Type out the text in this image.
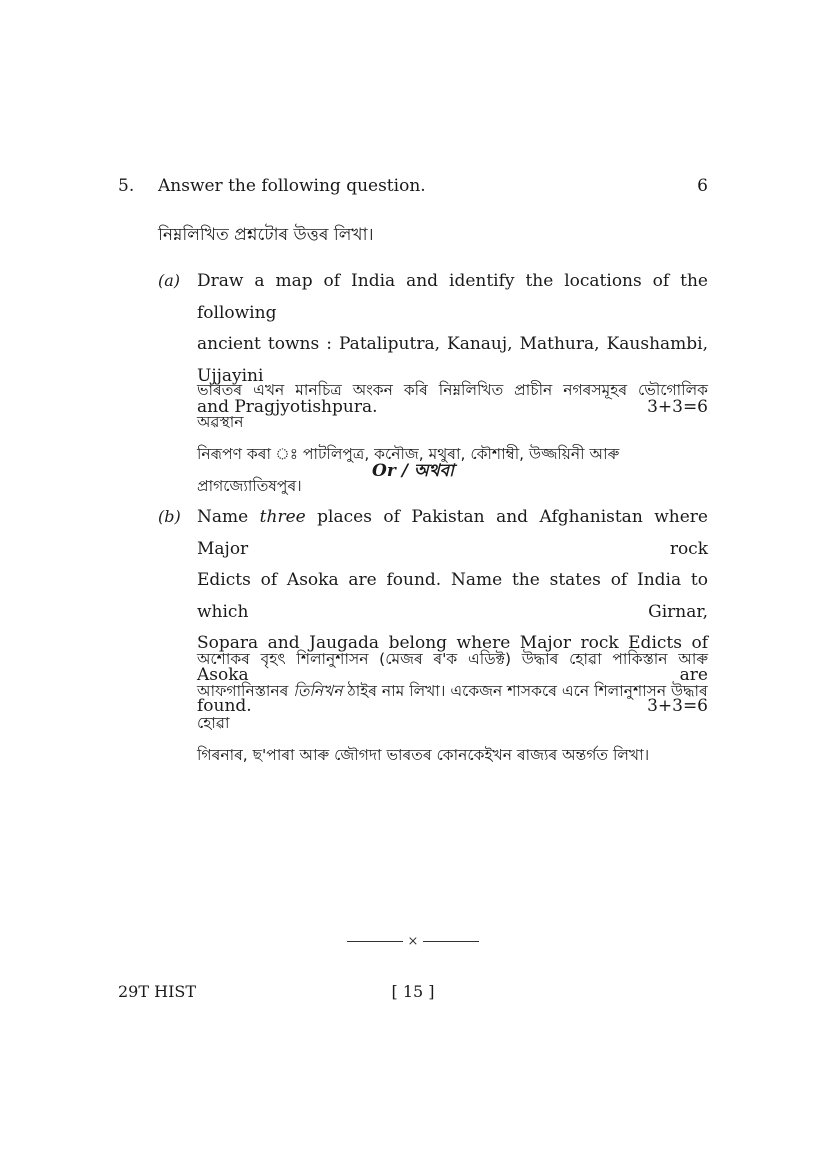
5. Answer the following question.	6
নিম্নলিখিত প্ৰশ্নটোৰ উত্তৰ লিখা।
(a) Draw a map of India and identify the locations of the following
ancient towns : Pataliputra, Kanauj, Mathura, Kaushambi, Ujjayini
and Pragjyotishpura.	3+3=6
ভাৰতৰ এখন মানচিত্ৰ অংকন কৰি নিম্নলিখিত প্ৰাচীন নগৰসমূহৰ ভৌগোলিক অৱস্থান
নিৰূপণ কৰা ঃ পাটলিপুত্ৰ, কনৌজ, মথুৰা, কৌশাম্বী, উজ্জয়িনী আৰু প্ৰাগজ্যোতিষপুৰ।
Or / অথবা
(b) Name three places of Pakistan and Afghanistan where Major rock
Edicts of Asoka are found. Name the states of India to which Girnar,
Sopara and Jaugada belong where Major rock Edicts of Asoka are
found.	3+3=6
অশোকৰ বৃহৎ শিলানুশাসন (মেজৰ ৰ'ক এডিক্ট) উদ্ধাৰ হোৱা পাকিস্তান আৰু
আফগানিস্তানৰ তিনিখন ঠাইৰ নাম লিখা। একেজন শাসকৰে এনে শিলানুশাসন উদ্ধাৰ হোৱা
গিৰনাৰ, ছ'পাৰা আৰু জৌগদা ভাৰতৰ কোনকেইখন ৰাজ্যৰ অন্তৰ্গত লিখা।
×
29T HIST	[ 15 ]
